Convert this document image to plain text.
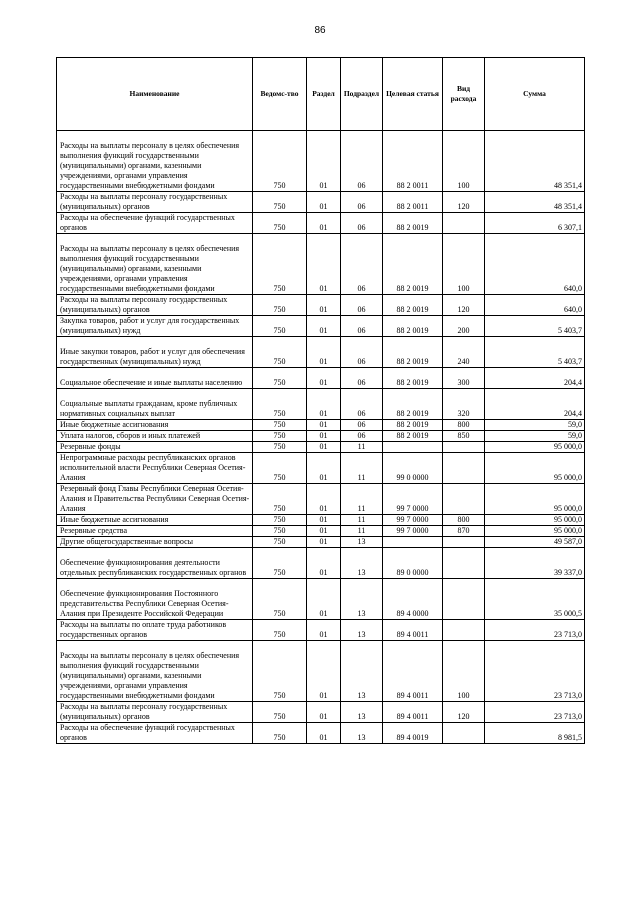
86
Наименование	Ведомс-тво	Раздел	Подраздел	Целевая статья	Вид расхода	Сумма
Расходы на выплаты персоналу в целях обеспечения выполнения функций государственными (муниципальными) органами, казенными учреждениями, органами управления государственными внебюджетными фондами	750	01	06	88 2 0011	100	48 351,4
Расходы на выплаты персоналу государственных (муниципальных) органов	750	01	06	88 2 0011	120	48 351,4
Расходы на обеспечение функций государственных органов	750	01	06	88 2 0019		6 307,1
Расходы на выплаты персоналу в целях обеспечения выполнения функций государственными (муниципальными) органами, казенными учреждениями, органами управления государственными внебюджетными фондами	750	01	06	88 2 0019	100	640,0
Расходы на выплаты персоналу государственных (муниципальных) органов	750	01	06	88 2 0019	120	640,0
Закупка товаров, работ и услуг для государственных (муниципальных) нужд	750	01	06	88 2 0019	200	5 403,7
Иные закупки товаров, работ и услуг для обеспечения государственных (муниципальных) нужд	750	01	06	88 2 0019	240	5 403,7
Социальное обеспечение и иные выплаты населению	750	01	06	88 2 0019	300	204,4
Социальные выплаты гражданам, кроме публичных нормативных социальных выплат	750	01	06	88 2 0019	320	204,4
Иные бюджетные ассигнования	750	01	06	88 2 0019	800	59,0
Уплата налогов, сборов и иных платежей	750	01	06	88 2 0019	850	59,0
Резервные фонды	750	01	11			95 000,0
Непрограммные расходы республиканских органов исполнительной власти Республики Северная Осетия-Алания	750	01	11	99 0 0000		95 000,0
Резервный фонд Главы Республики Северная Осетия-Алания и Правительства Республики Северная Осетия-Алания	750	01	11	99 7 0000		95 000,0
Иные бюджетные ассигнования	750	01	11	99 7 0000	800	95 000,0
Резервные средства	750	01	11	99 7 0000	870	95 000,0
Другие общегосударственные вопросы	750	01	13			49 587,0
Обеспечение функционирования деятельности отдельных республиканских государственных органов	750	01	13	89 0 0000		39 337,0
Обеспечение функционирования Постоянного представительства Республики Северная Осетия-Алания при Президенте Российской Федерации	750	01	13	89 4 0000		35 000,5
Расходы на выплаты по оплате труда работников государственных органов	750	01	13	89 4 0011		23 713,0
Расходы на выплаты персоналу в целях обеспечения выполнения функций государственными (муниципальными) органами, казенными учреждениями, органами управления государственными внебюджетными фондами	750	01	13	89 4 0011	100	23 713,0
Расходы на выплаты персоналу государственных (муниципальных) органов	750	01	13	89 4 0011	120	23 713,0
Расходы на обеспечение функций государственных органов	750	01	13	89 4 0019		8 981,5
